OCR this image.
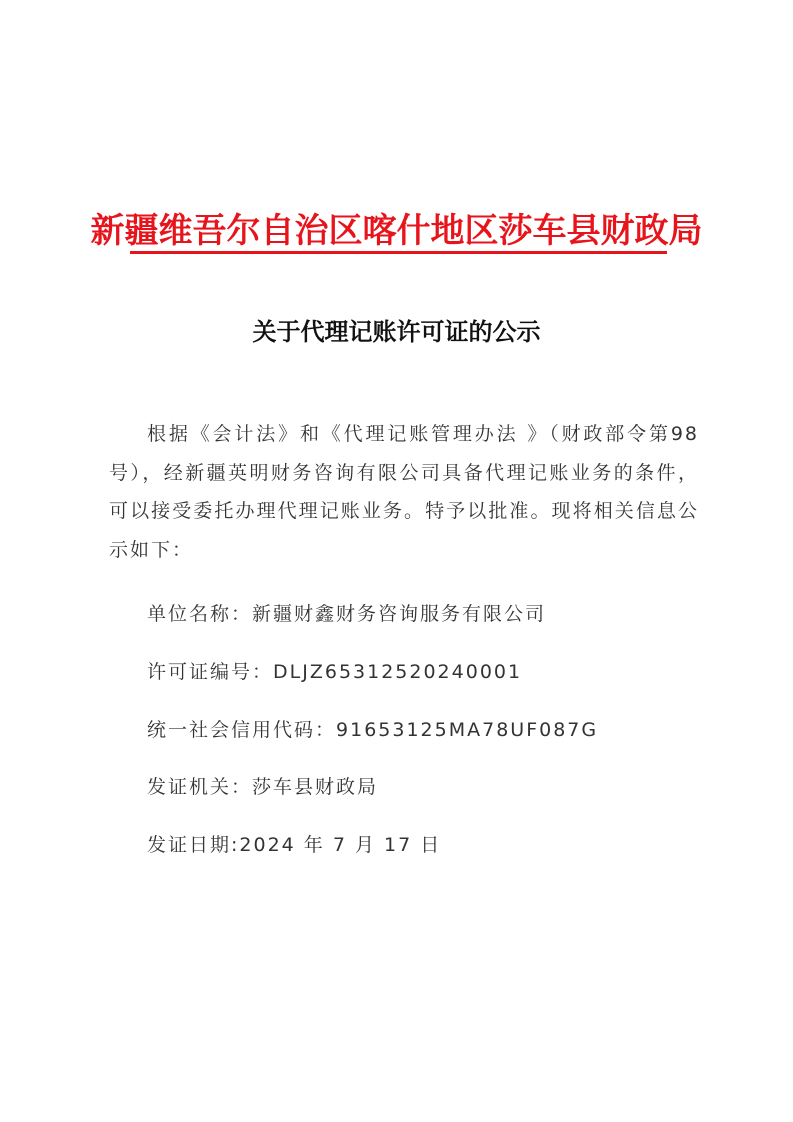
新疆维吾尔自治区喀什地区莎车县财政局
关于代理记账许可证的公示

根据《会计法》和《代理记账管理办法 》（财政部令第98号），经新疆英明财务咨询有限公司具备代理记账业务的条件，可以接受委托办理代理记账业务。特予以批准。现将相关信息公示如下：

单位名称：新疆财鑫财务咨询服务有限公司
许可证编号：DLJZ65312520240001
统一社会信用代码：91653125MA78UF087G
发证机关：莎车县财政局
发证日期:2024 年 7 月 17 日
